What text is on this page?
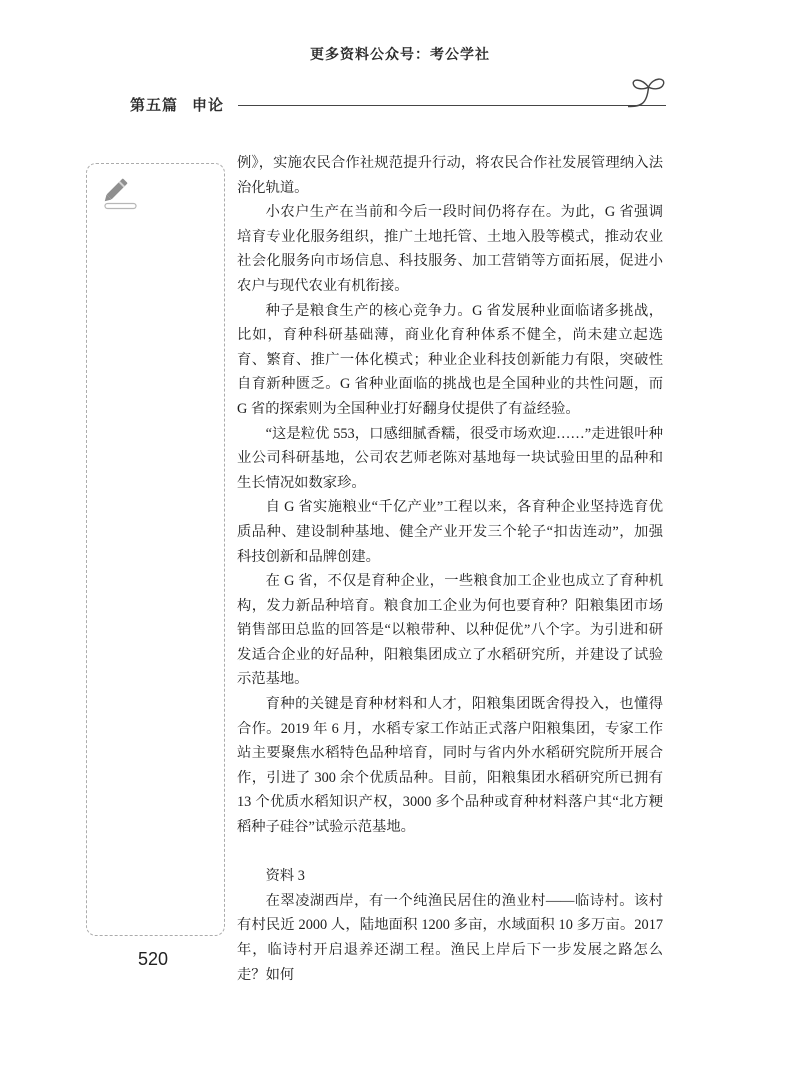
更多资料公众号：考公学社
第五篇 申论

例》，实施农民合作社规范提升行动，将农民合作社发展管理纳入法治化轨道。

小农户生产在当前和今后一段时间仍将存在。为此，G 省强调培育专业化服务组织，推广土地托管、土地入股等模式，推动农业社会化服务向市场信息、科技服务、加工营销等方面拓展，促进小农户与现代农业有机衔接。

种子是粮食生产的核心竞争力。G 省发展种业面临诸多挑战，比如，育种科研基础薄，商业化育种体系不健全，尚未建立起选育、繁育、推广一体化模式；种业企业科技创新能力有限，突破性自育新种匮乏。G 省种业面临的挑战也是全国种业的共性问题，而 G 省的探索则为全国种业打好翻身仗提供了有益经验。

“这是粒优 553，口感细腻香糯，很受市场欢迎……”走进银叶种业公司科研基地，公司农艺师老陈对基地每一块试验田里的品种和生长情况如数家珍。

自 G 省实施粮业“千亿产业”工程以来，各育种企业坚持选育优质品种、建设制种基地、健全产业开发三个轮子“扣齿连动”，加强科技创新和品牌创建。

在 G 省，不仅是育种企业，一些粮食加工企业也成立了育种机构，发力新品种培育。粮食加工企业为何也要育种？阳粮集团市场销售部田总监的回答是“以粮带种、以种促优”八个字。为引进和研发适合企业的好品种，阳粮集团成立了水稻研究所，并建设了试验示范基地。

育种的关键是育种材料和人才，阳粮集团既舍得投入，也懂得合作。2019 年 6 月，水稻专家工作站正式落户阳粮集团，专家工作站主要聚焦水稻特色品种培育，同时与省内外水稻研究院所开展合作，引进了 300 余个优质品种。目前，阳粮集团水稻研究所已拥有 13 个优质水稻知识产权，3000 多个品种或育种材料落户其“北方粳稻种子硅谷”试验示范基地。

资料 3

在翠凌湖西岸，有一个纯渔民居住的渔业村——临诗村。该村有村民近 2000 人，陆地面积 1200 多亩，水域面积 10 多万亩。2017 年，临诗村开启退养还湖工程。渔民上岸后下一步发展之路怎么走？如何

520
